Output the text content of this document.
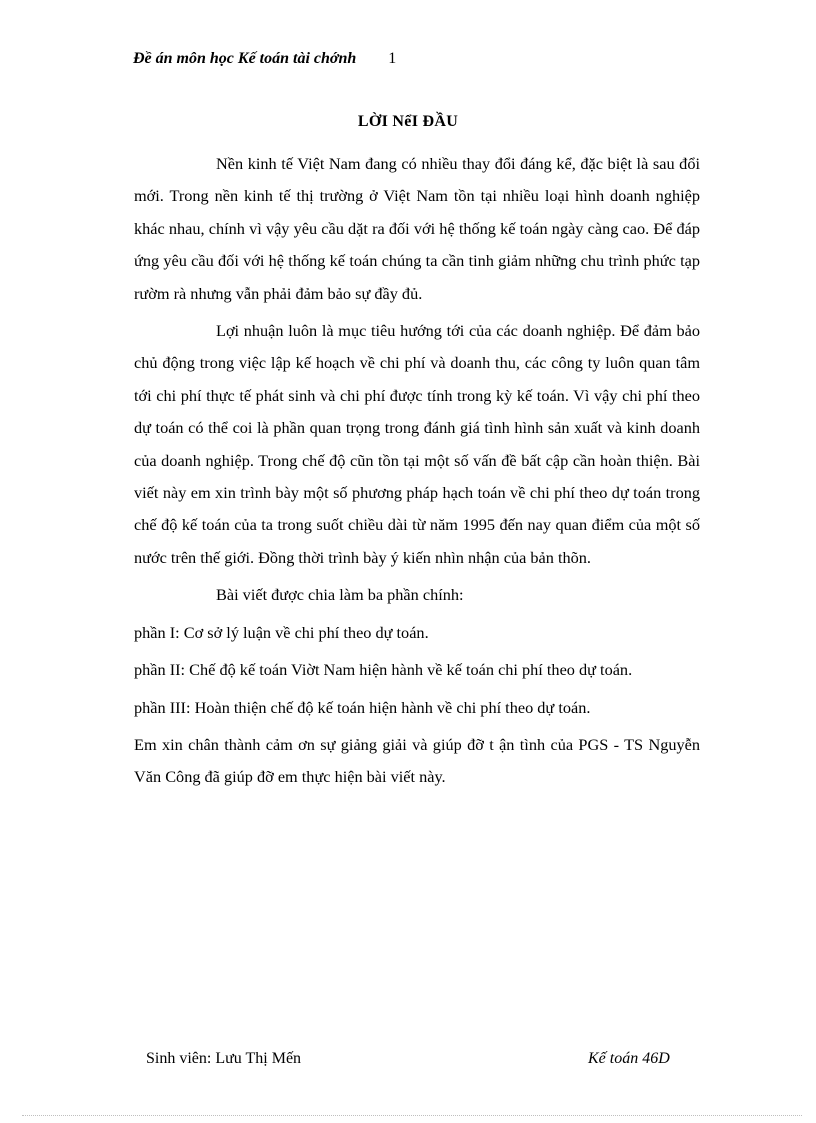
Đề án môn học Kế toán tài chớnh 1
LỜI NểI ĐẦU

Nền kinh tế Việt Nam đang có nhiều thay đổi đáng kể, đặc biệt là sau đổi mới. Trong nền kinh tế thị trường ở Việt Nam tồn tại nhiều loại hình doanh nghiệp khác nhau, chính vì vậy yêu cầu dặt ra đối với hệ thống kế toán ngày càng cao. Để đáp ứng yêu cầu đối với hệ thống kế toán chúng ta cần tinh giảm những chu trình phức tạp rườm rà nhưng vẫn phải đảm bảo sự đầy đủ.

Lợi nhuận luôn là mục tiêu hướng tới của các doanh nghiệp. Để đảm bảo chủ động trong việc lập kế hoạch về chi phí và doanh thu, các công ty luôn quan tâm tới chi phí thực tế phát sinh và chi phí được tính trong kỳ kế toán. Vì vậy chi phí theo dự toán có thể coi là phần quan trọng trong đánh giá tình hình sản xuất và kinh doanh của doanh nghiệp. Trong chế độ cũn tồn tại một số vấn đề bất cập cần hoàn thiện. Bài viết này em xin trình bày một số phương pháp hạch toán về chi phí theo dự toán trong chế độ kế toán của ta trong suốt chiều dài từ năm 1995 đến nay quan điểm của một số nước trên thế giới. Đồng thời trình bày ý kiến nhìn nhận của bản thõn.

Bài viết được chia làm ba phần chính:

phần I: Cơ sở lý luận về chi phí theo dự toán.

phần II: Chế độ kế toán Viờt Nam hiện hành về kế toán chi phí theo dự toán.

phần III: Hoàn thiện chế độ kế toán hiện hành về chi phí theo dự toán.

Em xin chân thành cảm ơn sự giảng giải và giúp đỡ t ận tình của PGS - TS Nguyễn Văn Công đã giúp đỡ em thực hiện bài viết này.

Sinh viên: Lưu Thị Mến	Kế toán 46D
